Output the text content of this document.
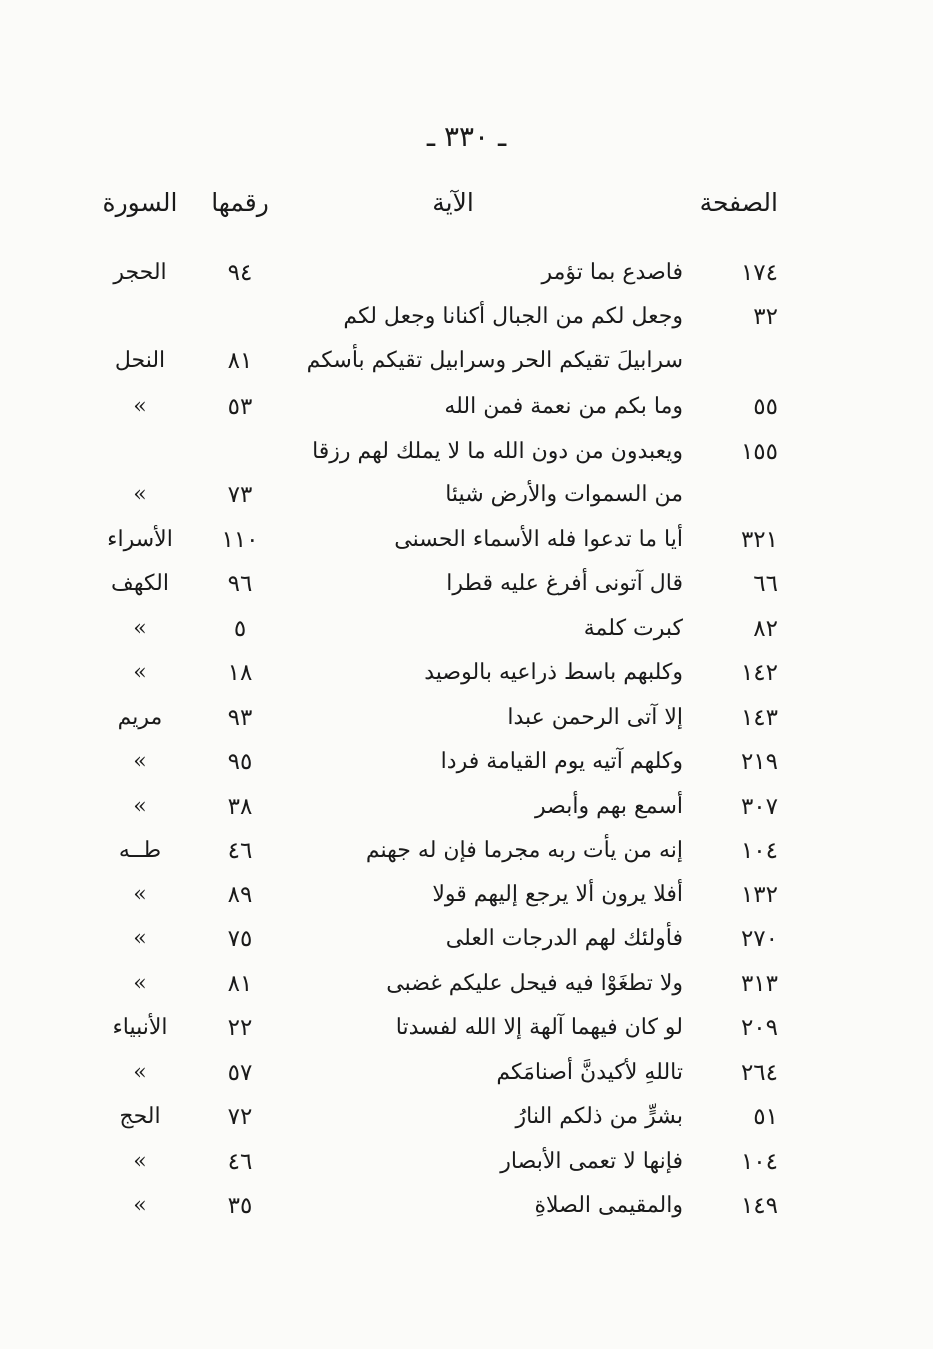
ـ ٣٣٠ ـ
الصفحة
الآية
رقمها
السورة
١٧٤
فاصدع بما تؤمر
٩٤
الحجر
٣٢
وجعل لكم من الجبال أكنانا وجعل لكم
سرابيلَ تقيكم الحر وسرابيل تقيكم بأسكم
٨١
النحل
٥٥
وما بكم من نعمة فمن الله
٥٣
»
١٥٥
ويعبدون من دون الله ما لا يملك لهم رزقا
من السموات والأرض شيئا
٧٣
»
٣٢١
أيا ما تدعوا فله الأسماء الحسنى
١١٠
الأسراء
٦٦
قال آتونى أفرغ عليه قطرا
٩٦
الكهف
٨٢
كبرت كلمة
٥
»
١٤٢
وكلبهم باسط ذراعيه بالوصيد
١٨
»
١٤٣
إلا آتى الرحمن عبدا
٩٣
مريم
٢١٩
وكلهم آتيه يوم القيامة فردا
٩٥
»
٣٠٧
أسمع بهم وأبصر
٣٨
»
١٠٤
إنه من يأت ربه مجرما فإن له جهنم
٤٦
طــه
١٣٢
أفلا يرون ألا يرجع إليهم قولا
٨٩
»
٢٧٠
فأولئك لهم الدرجات العلى
٧٥
»
٣١٣
ولا تطغَوْا فيه فيحل عليكم غضبى
٨١
»
٢٠٩
لو كان فيهما آلهة إلا الله لفسدتا
٢٢
الأنبياء
٢٦٤
تاللهِ لأكيدنَّ أصنامَكم
٥٧
»
٥١
بشرٍّ من ذلكم النارُ
٧٢
الحج
١٠٤
فإنها لا تعمى الأبصار
٤٦
»
١٤٩
والمقيمى الصلاةِ
٣٥
»
